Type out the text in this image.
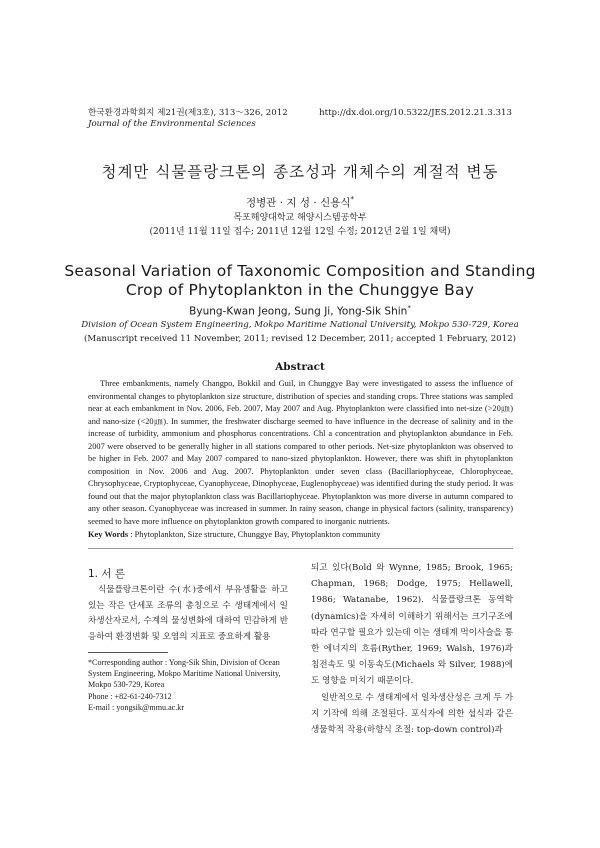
한국환경과학회지 제21권(제3호), 313～326, 2012
Journal of the Environmental Sciences
http://dx.doi.org/10.5322/JES.2012.21.3.313
청계만 식물플랑크톤의 종조성과 개체수의 계절적 변동
정병관 · 지 성 · 신용식*
목포해양대학교 해양시스템공학부
(2011년 11월 11일 접수; 2011년 12월 12일 수정; 2012년 2월 1일 채택)
Seasonal Variation of Taxonomic Composition and Standing Crop of Phytoplankton in the Chunggye Bay
Byung-Kwan Jeong, Sung Ji, Yong-Sik Shin*
Division of Ocean System Engineering, Mokpo Maritime National University, Mokpo 530-729, Korea
(Manuscript received 11 November, 2011; revised 12 December, 2011; accepted 1 February, 2012)
Abstract
Three embankments, namely Changpo, Bokkil and Guil, in Chunggye Bay were investigated to assess the influence of environmental changes to phytoplankton size structure, distribution of species and standing crops. Three stations was sampled near at each embankment in Nov. 2006, Feb. 2007, May 2007 and Aug. Phytoplankton were classified into net-size (>20㎛) and nano-size (<20㎛). In summer, the freshwater discharge seemed to have influence in the decrease of salinity and in the increase of turbidity, ammonium and phosphorus concentrations. Chl a concentration and phytoplankton abundance in Feb. 2007 were observed to be generally higher in all stations compared to other periods. Net-size phytoplankton was observed to be higher in Feb. 2007 and May 2007 compared to nano-sized phytoplankton. However, there was shift in phytoplankton composition in Nov. 2006 and Aug. 2007. Phytoplankton under seven class (Bacillariophyceae, Chlorophyceae, Chrysophyceae, Cryptophyceae, Cyanophyceae, Dinophyceae, Euglenophyceae) was identified during the study period. It was found out that the major phytoplankton class was Bacillariophyceae. Phytoplankton was more diverse in autumn compared to any other season. Cyanophyceae was increased in summer. In rainy season, change in physical factors (salinity, transparency) seemed to have more influence on phytoplankton growth compared to inorganic nutrients.
Key Words : Phytoplankton, Size structure, Chunggye Bay, Phytoplankton community
1. 서 론
식물플랑크톤이란 수(水)중에서 부유생활을 하고 있는 작은 단세포 조류의 총칭으로 수 생태계에서 일차생산자로서, 수계의 물성변화에 대하여 민감하게 반응하여 환경변화 및 오염의 지표로 중요하게 활용
*Corresponding author : Yong-Sik Shin, Division of Ocean System Engineering, Mokpo Maritime National University, Mokpo 530-729, Korea
Phone : +82-61-240-7312
E-mail : yongsik@mmu.ac.kr

되고 있다(Bold 와 Wynne, 1985; Brook, 1965; Chapman, 1968; Dodge, 1975; Hellawell, 1986; Watanabe, 1962). 식물플랑크톤 동역학(dynamics)을 자세히 이해하기 위해서는 크기구조에 따라 연구할 필요가 있는데 이는 생태계 먹이사슬을 통한 에너지의 흐름(Ryther, 1969; Walsh, 1976)과 침전속도 및 이동속도(Michaels 와 Silver, 1988)에도 영향을 미치기 때문이다.

일반적으로 수 생태계에서 일차생산성은 크게 두 가지 기작에 의해 조절된다. 포식자에 의한 섭식과 같은 생물학적 작용(하향식 조절: top-down control)과
